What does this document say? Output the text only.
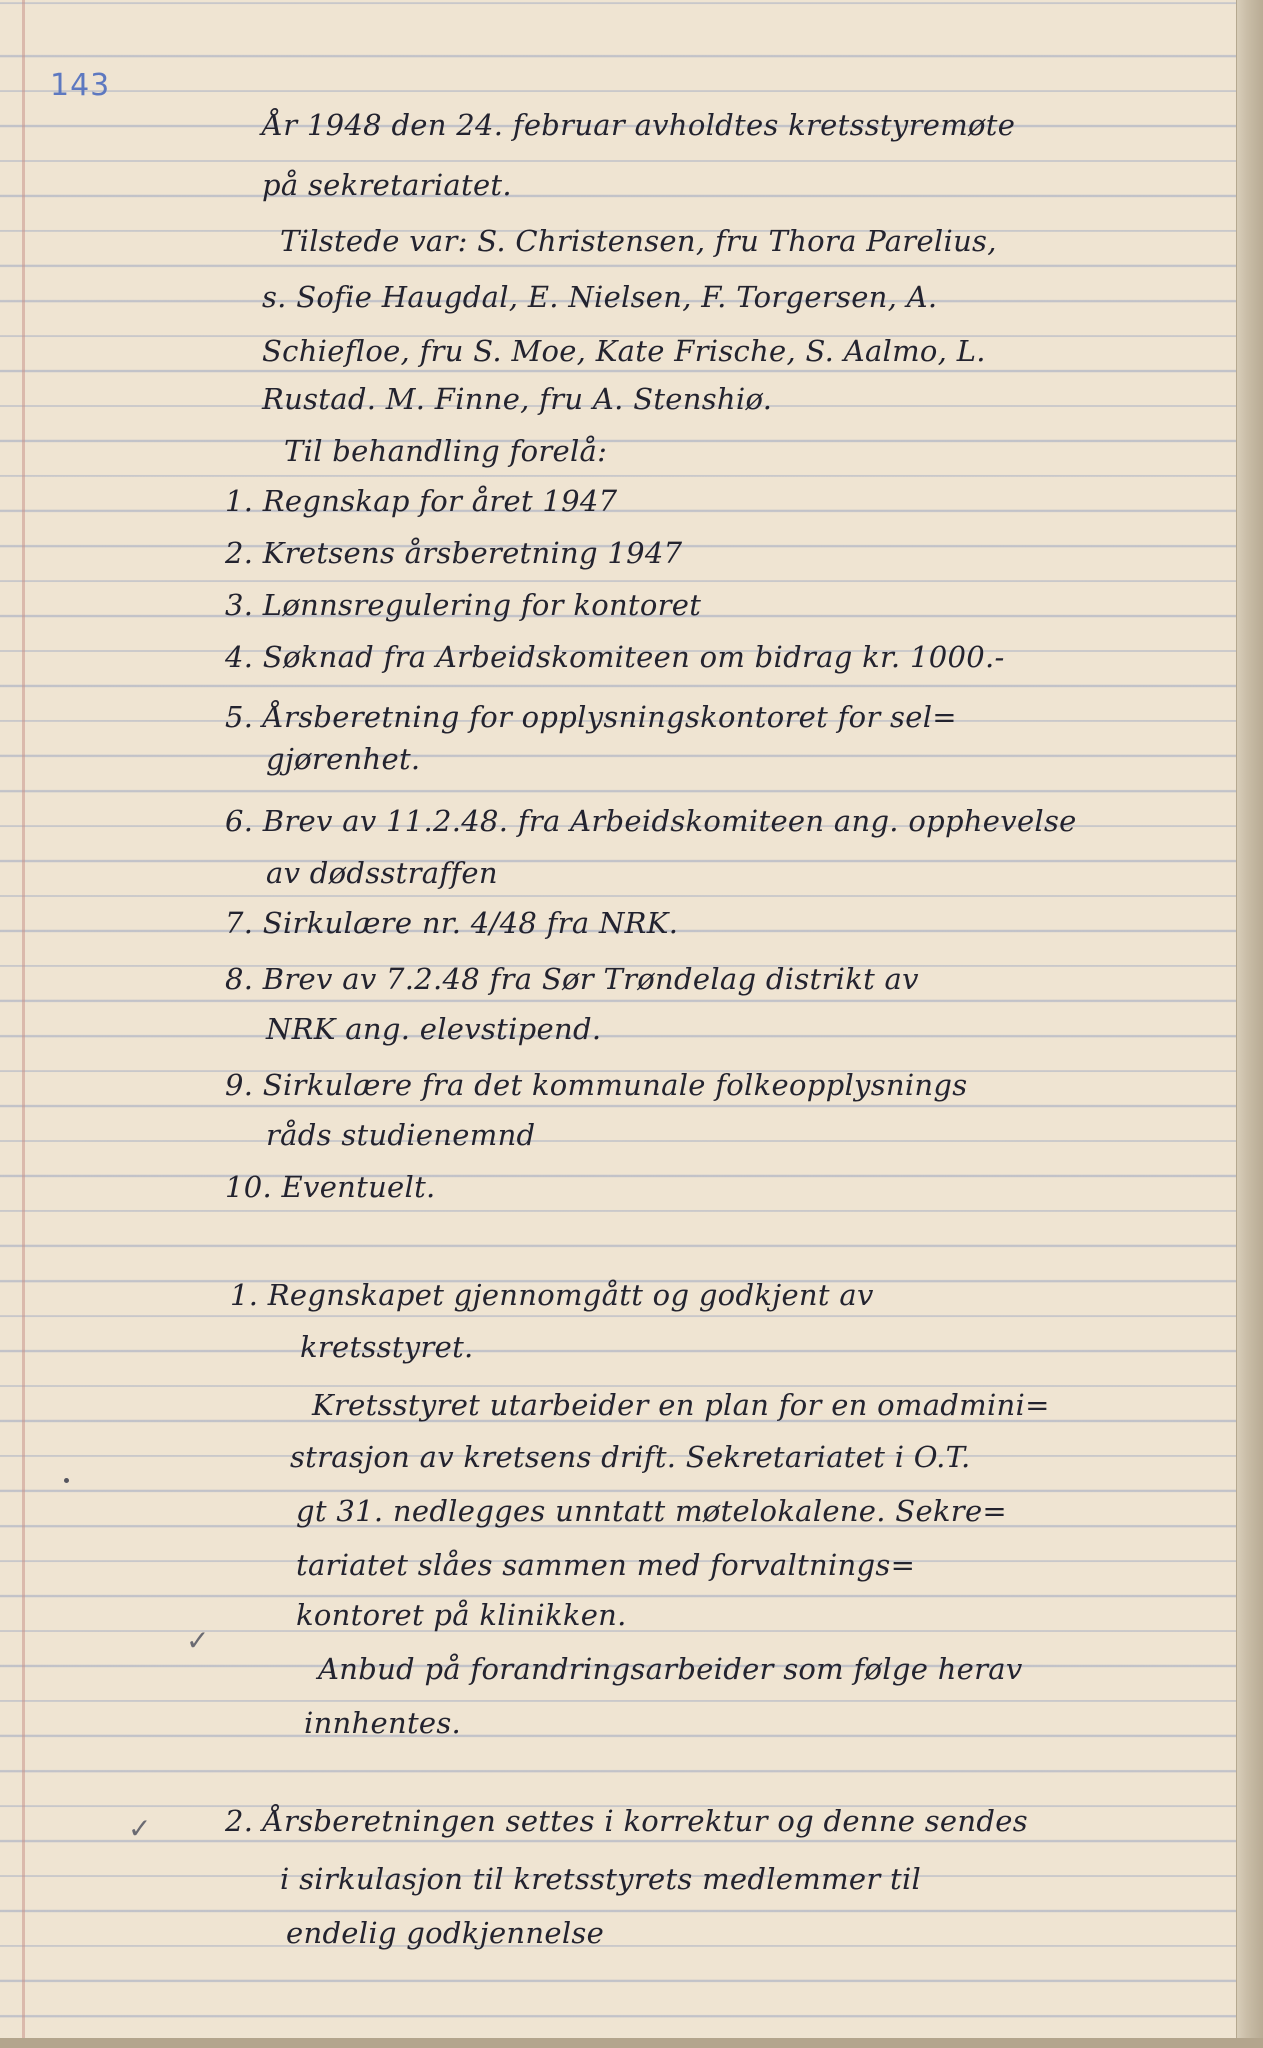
143
År 1948 den 24. februar avholdtes kretsstyremøte
på sekretariatet.
Tilstede var: S. Christensen, fru Thora Parelius,
s. Sofie Haugdal, E. Nielsen, F. Torgersen, A.
Schiefloe, fru S. Moe, Kate Frische, S. Aalmo, L.
Rustad. M. Finne, fru A. Stenshiø.
Til behandling forelå:
1. Regnskap for året 1947
2. Kretsens årsberetning 1947
3. Lønnsregulering for kontoret
4. Søknad fra Arbeidskomiteen om bidrag kr. 1000.-
5. Årsberetning for opplysningskontoret for sel=
gjørenhet.
6. Brev av 11.2.48. fra Arbeidskomiteen ang. opphevelse
av dødsstraffen
7. Sirkulære nr. 4/48 fra NRK.
8. Brev av 7.2.48 fra Sør Trøndelag distrikt av
NRK ang. elevstipend.
9. Sirkulære fra det kommunale folkeopplysnings
råds studienemnd
10. Eventuelt.
1. Regnskapet gjennomgått og godkjent av
kretsstyret.
Kretsstyret utarbeider en plan for en omadmini=
strasjon av kretsens drift. Sekretariatet i O.T.
gt 31. nedlegges unntatt møtelokalene. Sekre=
tariatet slåes sammen med forvaltnings=
kontoret på klinikken.
Anbud på forandringsarbeider som følge herav
innhentes.
2. Årsberetningen settes i korrektur og denne sendes
i sirkulasjon til kretsstyrets medlemmer til
endelig godkjennelse
✓
✓
